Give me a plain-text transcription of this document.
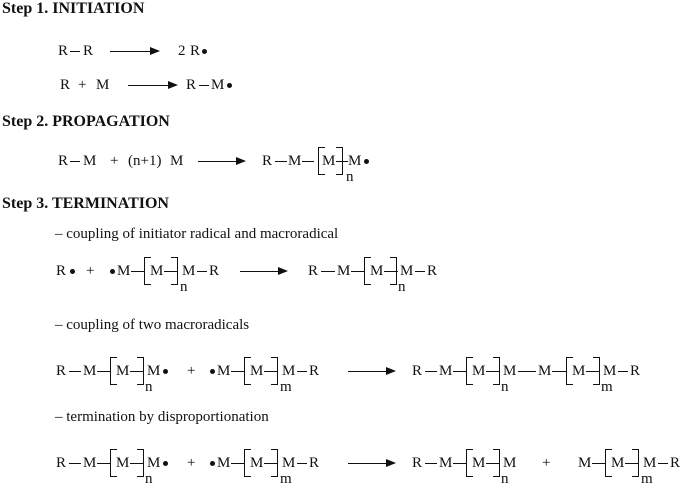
Step 1. INITIATION
Step 2. PROPAGATION
Step 3. TERMINATION
– coupling of initiator radical and macroradical
– coupling of two macroradicals
– termination by disproportionation
R R → 2 R
R + M → R M
R M + (n+1) M → R M M
n
M
R + M M
n
M R → R M M
n
M R
R M M
n
M + M M
m
M R → R M M
n
M M M
m
M R
R M M
n
M + M M
m
M R → R M M
n
M + M M
m
M R
